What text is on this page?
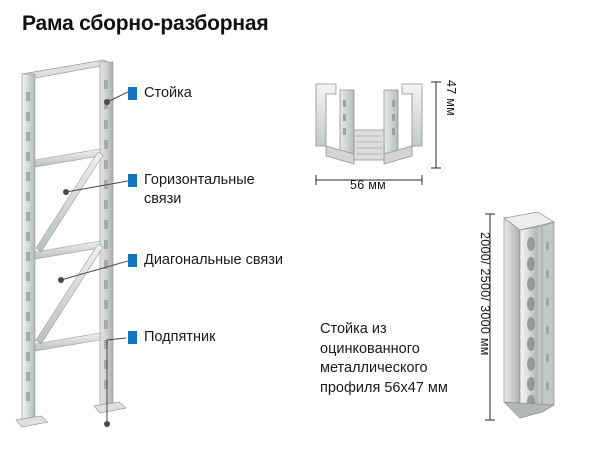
Рама сборно-разборная
Стойка
Горизонтальные связи
Диагональные связи
Подпятник
47 мм
56 мм
Стойка из оцинкованного металлического профиля 56х47 мм
2000/ 2500/ 3000 мм
